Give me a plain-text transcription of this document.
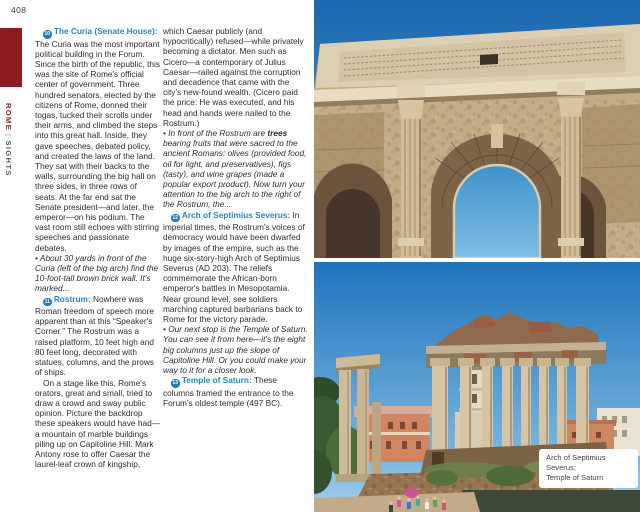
408
ROME|SIGHTS

10 The Curia (Senate House): The Curia was the most important political building in the Forum. Since the birth of the republic, this was the site of Rome's official center of government. Three hundred senators, elected by the citizens of Rome, donned their togas, tucked their scrolls under their arms, and climbed the steps into this great hall. Inside, they gave speeches, debated policy, and created the laws of the land. They sat with their backs to the walls, surrounding the big hall on three sides, in three rows of seats. At the far end sat the Senate president—and later, the emperor—on his podium. The vast room still echoes with stirring speeches and passionate debates.

• About 30 yards in front of the Curia (left of the big arch) find the 10-foot-tall brown brick wall. It's marked...

11 Rostrum: Nowhere was Roman freedom of speech more apparent than at this “Speaker's Corner.” The Rostrum was a raised platform, 10 feet high and 80 feet long, decorated with statues, columns, and the prows of ships.

On a stage like this, Rome's orators, great and small, tried to draw a crowd and sway public opinion. Picture the backdrop these speakers would have had—a mountain of marble buildings piling up on Capitoline Hill. Mark Antony rose to offer Caesar the laurel-leaf crown of kingship,

which Caesar publicly (and hypocritically) refused—while privately becoming a dictator. Men such as Cicero—a contemporary of Julius Caesar—railed against the corruption and decadence that came with the city's new-found wealth. (Cicero paid the price: He was executed, and his head and hands were nailed to the Rostrum.)

• In front of the Rostrum are trees bearing fruits that were sacred to the ancient Romans: olives (provided food, oil for light, and preservatives), figs (tasty), and wine grapes (made a popular export product). Now turn your attention to the big arch to the right of the Rostrum, the...

12 Arch of Septimius Severus: In imperial times, the Rostrum's voices of democracy would have been dwarfed by images of the empire, such as the huge six-story-high Arch of Septimius Severus (AD 203). The reliefs commemorate the African-born emperor's battles in Mesopotamia. Near ground level, see soldiers marching captured barbarians back to Rome for the victory parade.

• Our next stop is the Temple of Saturn. You can see it from here—it's the eight big columns just up the slope of Capitoline Hill. Or you could make your way to it for a closer look.

13 Temple of Saturn: These columns framed the entrance to the Forum's oldest temple (497 BC).

Arch of Septimius Severus;
Temple of Saturn
